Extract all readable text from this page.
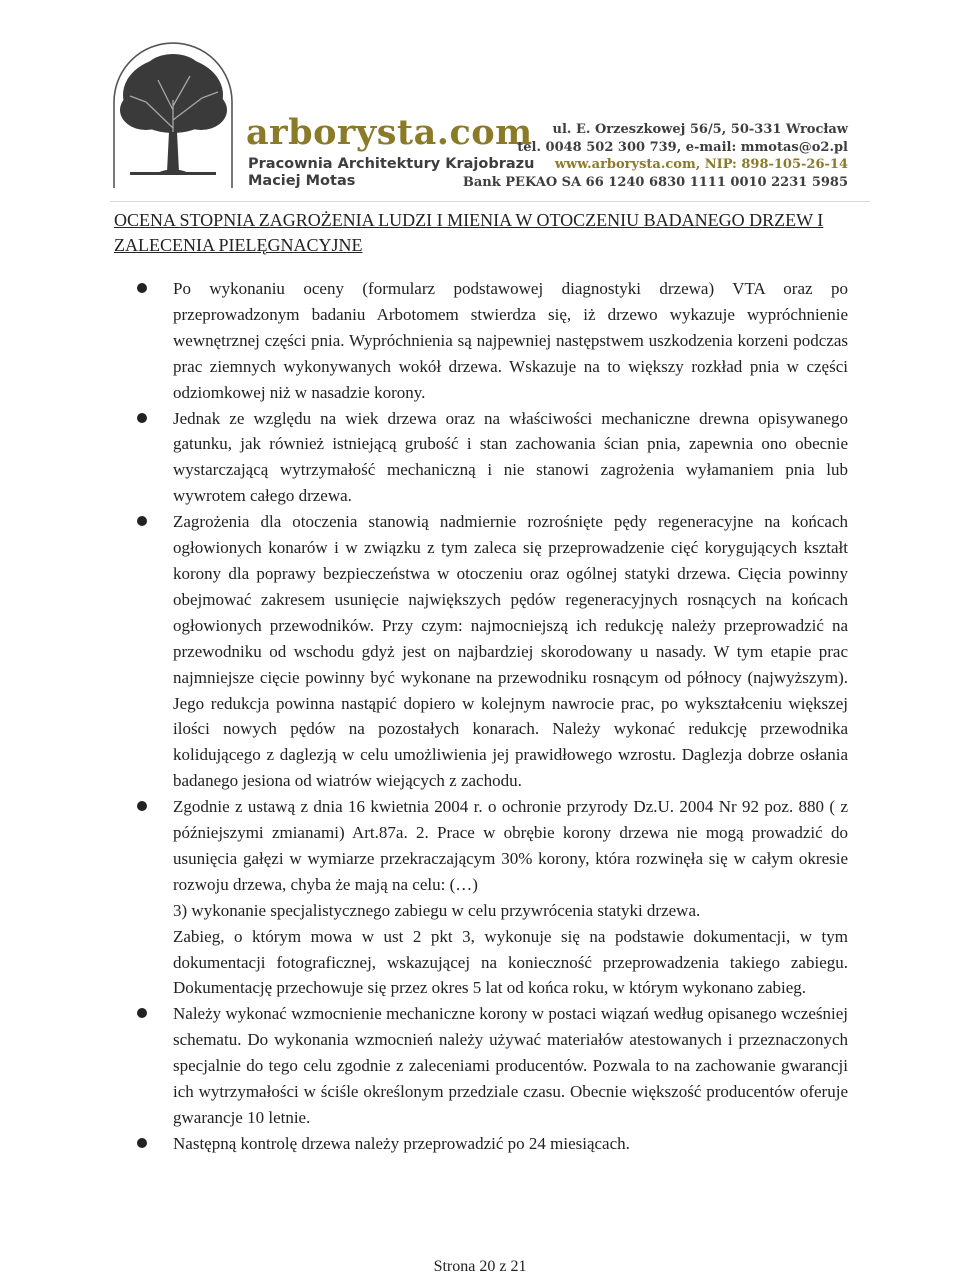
arborysta.com
Pracownia Architektury Krajobrazu
Maciej Motas
ul. E. Orzeszkowej 56/5, 50-331 Wrocław
tel. 0048 502 300 739, e-mail: mmotas@o2.pl
www.arborysta.com, NIP: 898-105-26-14
Bank PEKAO SA 66 1240 6830 1111 0010 2231 5985
OCENA STOPNIA ZAGROŻENIA LUDZI I MIENIA W OTOCZENIU BADANEGO DRZEW I ZALECENIA PIELĘGNACYJNE

Po wykonaniu oceny (formularz podstawowej diagnostyki drzewa) VTA oraz po przeprowadzonym badaniu Arbotomem stwierdza się, iż drzewo wykazuje wypróchnienie wewnętrznej części pnia. Wypróchnienia są najpewniej następstwem uszkodzenia korzeni podczas prac ziemnych wykonywanych wokół drzewa. Wskazuje na to większy rozkład pnia w części odziomkowej niż w nasadzie korony.

Jednak ze względu na wiek drzewa oraz na właściwości mechaniczne drewna opisywanego gatunku, jak również istniejącą grubość i stan zachowania ścian pnia, zapewnia ono obecnie wystarczającą wytrzymałość mechaniczną i nie stanowi zagrożenia wyłamaniem pnia lub wywrotem całego drzewa.

Zagrożenia dla otoczenia stanowią nadmiernie rozrośnięte pędy regeneracyjne na końcach ogłowionych konarów i w związku z tym zaleca się przeprowadzenie cięć korygujących kształt korony dla poprawy bezpieczeństwa w otoczeniu oraz ogólnej statyki drzewa. Cięcia powinny obejmować zakresem usunięcie największych pędów regeneracyjnych rosnących na końcach ogłowionych przewodników. Przy czym: najmocniejszą ich redukcję należy przeprowadzić na przewodniku od wschodu gdyż jest on najbardziej skorodowany u nasady. W tym etapie prac najmniejsze cięcie powinny być wykonane na przewodniku rosnącym od północy (najwyższym). Jego redukcja powinna nastąpić dopiero w kolejnym nawrocie prac, po wykształceniu większej ilości nowych pędów na pozostałych konarach. Należy wykonać redukcję przewodnika kolidującego z daglezją w celu umożliwienia jej prawidłowego wzrostu. Daglezja dobrze osłania badanego jesiona od wiatrów wiejących z zachodu.

Zgodnie z ustawą z dnia 16 kwietnia 2004 r. o ochronie przyrody Dz.U. 2004 Nr 92 poz. 880 ( z późniejszymi zmianami) Art.87a. 2. Prace w obrębie korony drzewa nie mogą prowadzić do usunięcia gałęzi w wymiarze przekraczającym 30% korony, która rozwinęła się w całym okresie rozwoju drzewa, chyba że mają na celu: (…)

3) wykonanie specjalistycznego zabiegu w celu przywrócenia statyki drzewa.

Zabieg, o którym mowa w ust 2 pkt 3, wykonuje się na podstawie dokumentacji, w tym dokumentacji fotograficznej, wskazującej na konieczność przeprowadzenia takiego zabiegu. Dokumentację przechowuje się przez okres 5 lat od końca roku, w którym wykonano zabieg.

Należy wykonać wzmocnienie mechaniczne korony w postaci wiązań według opisanego wcześniej schematu. Do wykonania wzmocnień należy używać materiałów atestowanych i przeznaczonych specjalnie do tego celu zgodnie z zaleceniami producentów. Pozwala to na zachowanie gwarancji ich wytrzymałości w ściśle określonym przedziale czasu. Obecnie większość producentów oferuje gwarancje 10 letnie.

Następną kontrolę drzewa należy przeprowadzić po 24 miesiącach.

Strona 20 z 21
